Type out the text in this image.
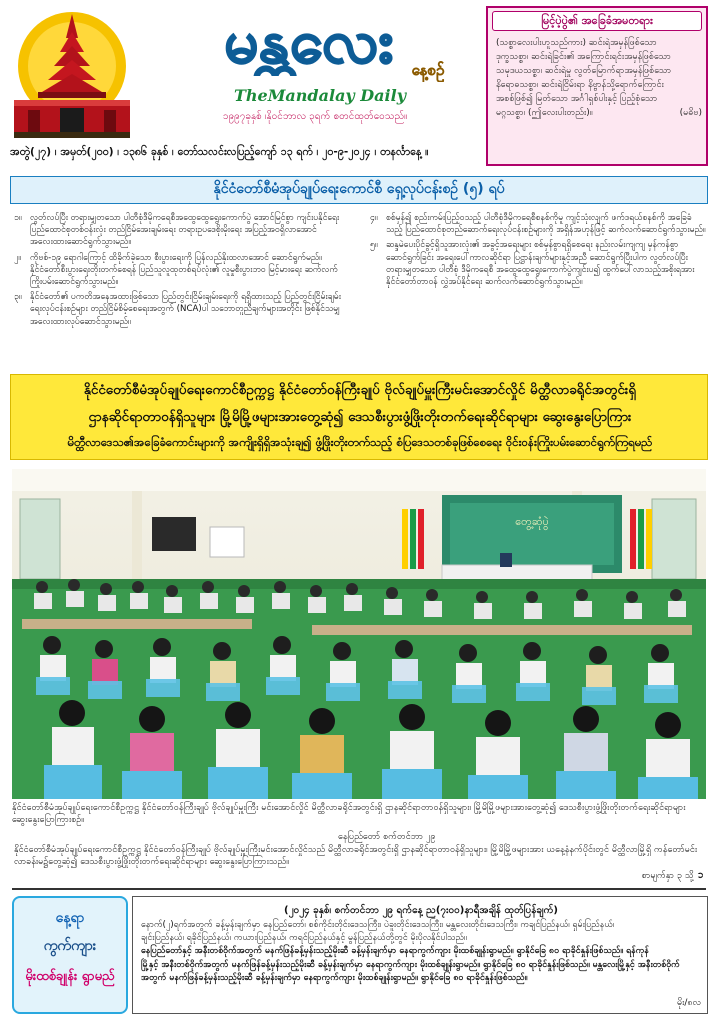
မန္တလေး နေ့စဉ်
TheMandalay Daily
၁၉၉၇ခုနှစ် ၊နိုဝင်ဘာလ ၃ရက် စတင်ထုတ်ဝေသည်။
အတွဲ(၂၇) ၊ အမှတ်(၂၀၀) ၊ ၁၃၈၆ ခုနှစ် ၊ တော်သလင်းလပြည့်ကျော် ၁၃ ရက် ၊ ၂၀-၉-၂၀၂၄ ၊ တနင်္လာနေ့ ။
မြင့်ပဲ့ပွဲ၏ အခြေခံအမတရား
(သစ္စာလေးပါးဟူသည်ကား) ဆင်းရဲအမှန်ဖြစ်သော
ဒုက္ခသစ္စာ၊ ဆင်းရဲခြင်း၏ အကြောင်းရင်းအမှန်ဖြစ်သော
သမုဒယသစ္စာ၊ ဆင်းရဲမှု လွတ်မြောက်ရာအမှန်ဖြစ်သော
နိရောဓသစ္စာ၊ ဆင်းရဲငြိမ်းရာ နိဗ္ဗာန်သို့ရောက်ကြောင်း
အစစ်ဖြစ်၍ မြတ်သော အင်္ဂါရှစ်ပါးနှင့် ပြည့်စုံသော
မဂ္ဂသစ္စာ၊ (ဤလေးပါးတည်း)။	(မဓိဗ)
နိုင်ငံတော်စီမံအုပ်ချုပ်ရေးကောင်စီ ရှေ့လုပ်ငန်းစဉ် (၅) ရပ်
၁။ လွတ်လပ်ပြီး တရားမျှတသော ပါတီစုံဒီမိုကရေစီအထွေထွေရွေးကောက်ပွဲ အောင်မြင်စွာ ကျင်းပနိုင်ရေး ပြည်ထောင်စုတစ်ဝန်းလုံး တည်ငြိမ်အေးချမ်းရေး တရားဥပဒေစိုးမိုးရေး အပြည့်အဝရှိလာအောင် အလေးထားဆောင်ရွက်သွားမည်။
၂။	ကိုဗစ်-၁၉ ရောဂါကြောင့် ထိခိုက်ခဲ့သော စီးပွားရေးကို ပြန်လည်နိုးထလာအောင် ဆောင်ရွက်မည်။ နိုင်ငံတော်စီးပွားရေးတိုးတက်စေရန် ပြည်သူလူထုတစ်ရပ်လုံး၏ လူမှုစီးပွားဘဝ မြင့်မားရေး ဆက်လက်ကြိုးပမ်းဆောင်ရွက်သွားမည်။
၃။ နိုင်ငံတော်၏ ပကတိအနေအထားဖြစ်သော ပြည်တွင်းငြိမ်းချမ်းရေးကို ရရှိထားသည့် ပြည်တွင်းငြိမ်းချမ်းရေးလုပ်ငန်းစဉ်များ တည်ငြိမ်စိမ့်စေရေးအတွက် (NCA)ပါ သဘောတူညီချက်များအတိုင်း ဖြစ်နိုင်သမျှ အလေးထားလုပ်ဆောင်သွားမည်။
၄။ စစ်မှန်၍ စည်းကမ်းပြည့်ဝသည့် ပါတီစုံဒီမိုကရေစီစနစ်ကိုမူ ကျင့်သုံးလျက် ဖက်ဒရယ်စနစ်ကို အခြေခံသည့် ပြည်ထောင်စုတည်ဆောက်ရေးလုပ်ငန်းစဉ်များကို အရှိန်အဟုန်ဖြင့် ဆက်လက်ဆောင်ရွက်သွားမည်။
၅။ ဆန္ဒမဲပေးပိုင်ခွင့်ရှိသူအားလုံး၏ အခွင့်အရေးများ စစ်မှန်စွာရရှိစေရေး နည်းလမ်းကျကျ မှန်ကန်စွာ ဆောင်ရွက်ခြင်း အရေးပေါ်ကာလဆိုင်ရာ ပြဋ္ဌာန်းချက်များနှင့်အညီ ဆောင်ရွက်ပြီးပါက လွတ်လပ်ပြီး တရားမျှတသော ပါတီစုံ ဒီမိုကရေစီ အထွေထွေရွေးကောက်ပွဲကျင်းပ၍ ထွက်ပေါ်လာသည့်အစိုးရအား နိုင်ငံတော်တာဝန် လွှဲအပ်နိုင်ရေး ဆက်လက်ဆောင်ရွက်သွားမည်။
နိုင်ငံတော်စီမံအုပ်ချုပ်ရေးကောင်စီဥက္ကဋ္ဌ နိုင်ငံတော်ဝန်ကြီးချုပ် ဗိုလ်ချုပ်မှူးကြီးမင်းအောင်လှိုင် မိတ္ထီလာခရိုင်အတွင်းရှိ
ဌာနဆိုင်ရာတာဝန်ရှိသူများ မြို့မိမြို့ဖများအားတွေ့ဆုံ၍ ဒေသစီးပွားဖွံ့ဖြိုးတိုးတက်ရေးဆိုင်ရာများ ဆွေးနွေးပြောကြား
မိတ္ထီလာဒေသ၏အခြေခံကောင်းများကို အကျိုးရှိရှိအသုံးချ၍ ဖွံ့ဖြိုးတိုးတက်သည့် စံပြဒေသတစ်ခုဖြစ်စေရေး ဝိုင်းဝန်းကြိုးပမ်းဆောင်ရွက်ကြရမည်
တွေ့ဆုံပွဲ
နိုင်ငံတော်စီမံအုပ်ချုပ်ရေးကောင်စီဥက္ကဋ္ဌ နိုင်ငံတော်ဝန်ကြီးချုပ် ဗိုလ်ချုပ်မှူးကြီး မင်းအောင်လှိုင် မိတ္ထီလာခရိုင်အတွင်းရှိ ဌာနဆိုင်ရာတာဝန်ရှိသူများ၊ မြို့မိမြို့ဖများအားတွေ့ဆုံ၍ ဒေသစီးပွားဖွံ့ဖြိုးတိုးတက်ရေးဆိုင်ရာများ ဆွေးနွေးပြောကြားစဉ်။
နေပြည်တော် စက်တင်ဘာ ၂၉
နိုင်ငံတော်စီမံအုပ်ချုပ်ရေးကောင်စီဥက္ကဋ္ဌ နိုင်ငံတော်ဝန်ကြီးချုပ် ဗိုလ်ချုပ်မှူးကြီးမင်းအောင်လှိုင်သည် မိတ္ထီလာခရိုင်အတွင်းရှိ ဌာနဆိုင်ရာတာဝန်ရှိသူများ၊ မြို့မိမြို့ဖများအား ယနေ့နံနက်ပိုင်းတွင် မိတ္ထီလာမြို့ရှိ ကန်တော်မင်းလာခန်းမ၌တွေ့ဆုံ၍ ဒေသစီးပွားဖွံ့ဖြိုးတိုးတက်ရေးဆိုင်ရာများ ဆွေးနွေးပြောကြားသည်။
စာမျက်နှာ ၃ သို့ ➲
နေ့ရာ
ကွက်ကျား
မိုးထစ်ချုန်း ရွာမည်
(၂၀၂၄ ခုနှစ်၊ စက်တင်ဘာ ၂၉ ရက်နေ့ ည(၇း၀၀)နာရီအချိန် ထုတ်ပြန်ချက်)
နောက်(၂)ရက်အတွက် ခန့်မှန်းချက်မှာ နေပြည်တော်၊ စစ်ကိုင်းတိုင်းဒေသကြီး၊ ပဲခူးတိုင်းဒေသကြီး၊ မန္တလေးတိုင်းဒေသကြီး၊ ကချင်ပြည်နယ်၊ ရှမ်းပြည်နယ်၊
ချင်းပြည်နယ်၊ ရခိုင်ပြည်နယ်၊ ကယားပြည်နယ်၊ ကရင်ပြည်နယ်နှင့် မွန်ပြည်နယ်တို့တွင် မိုးပိုလနိုင်ပါသည်။
နေပြည်တော်နှင့် အနီးတစ်ဝိုက်အတွက် မနက်ဖြန်ခန့်မှန်းသည့်မိုးဆီ ခန့်မှန်းချက်မှာ နေရာကွက်ကျား မိုးထစ်ချုန်းရွာမည်။ ရွာနိုင်ခြေ ၈၀ ရာခိုင်နှုန်းဖြစ်သည်။ ရန်ကုန်
မြို့နှင့် အနီးတစ်ဝိုက်အတွက် မနက်ဖြန်ခန့်မှန်းသည့်မိုးဆီ ခန့်မှန်းချက်မှာ နေရာကွက်ကျား မိုးထစ်ချုန်းရွာမည်။ ရွာနိုင်ခြေ ၈၀ ရာခိုင်နှုန်းဖြစ်သည်။ မန္တလေးမြို့နှင့် အနီးတစ်ဝိုက်
အတွက် မနက်ဖြန်ခန့်မှန်းသည့်မိုးဆီ ခန့်မှန်းချက်မှာ နေရာကွက်ကျား မိုးထစ်ချုန်းရွာမည်။ ရွာနိုင်ခြေ ၈၀ ရာခိုင်နှုန်းဖြစ်သည်။
မိုး/၈လ
